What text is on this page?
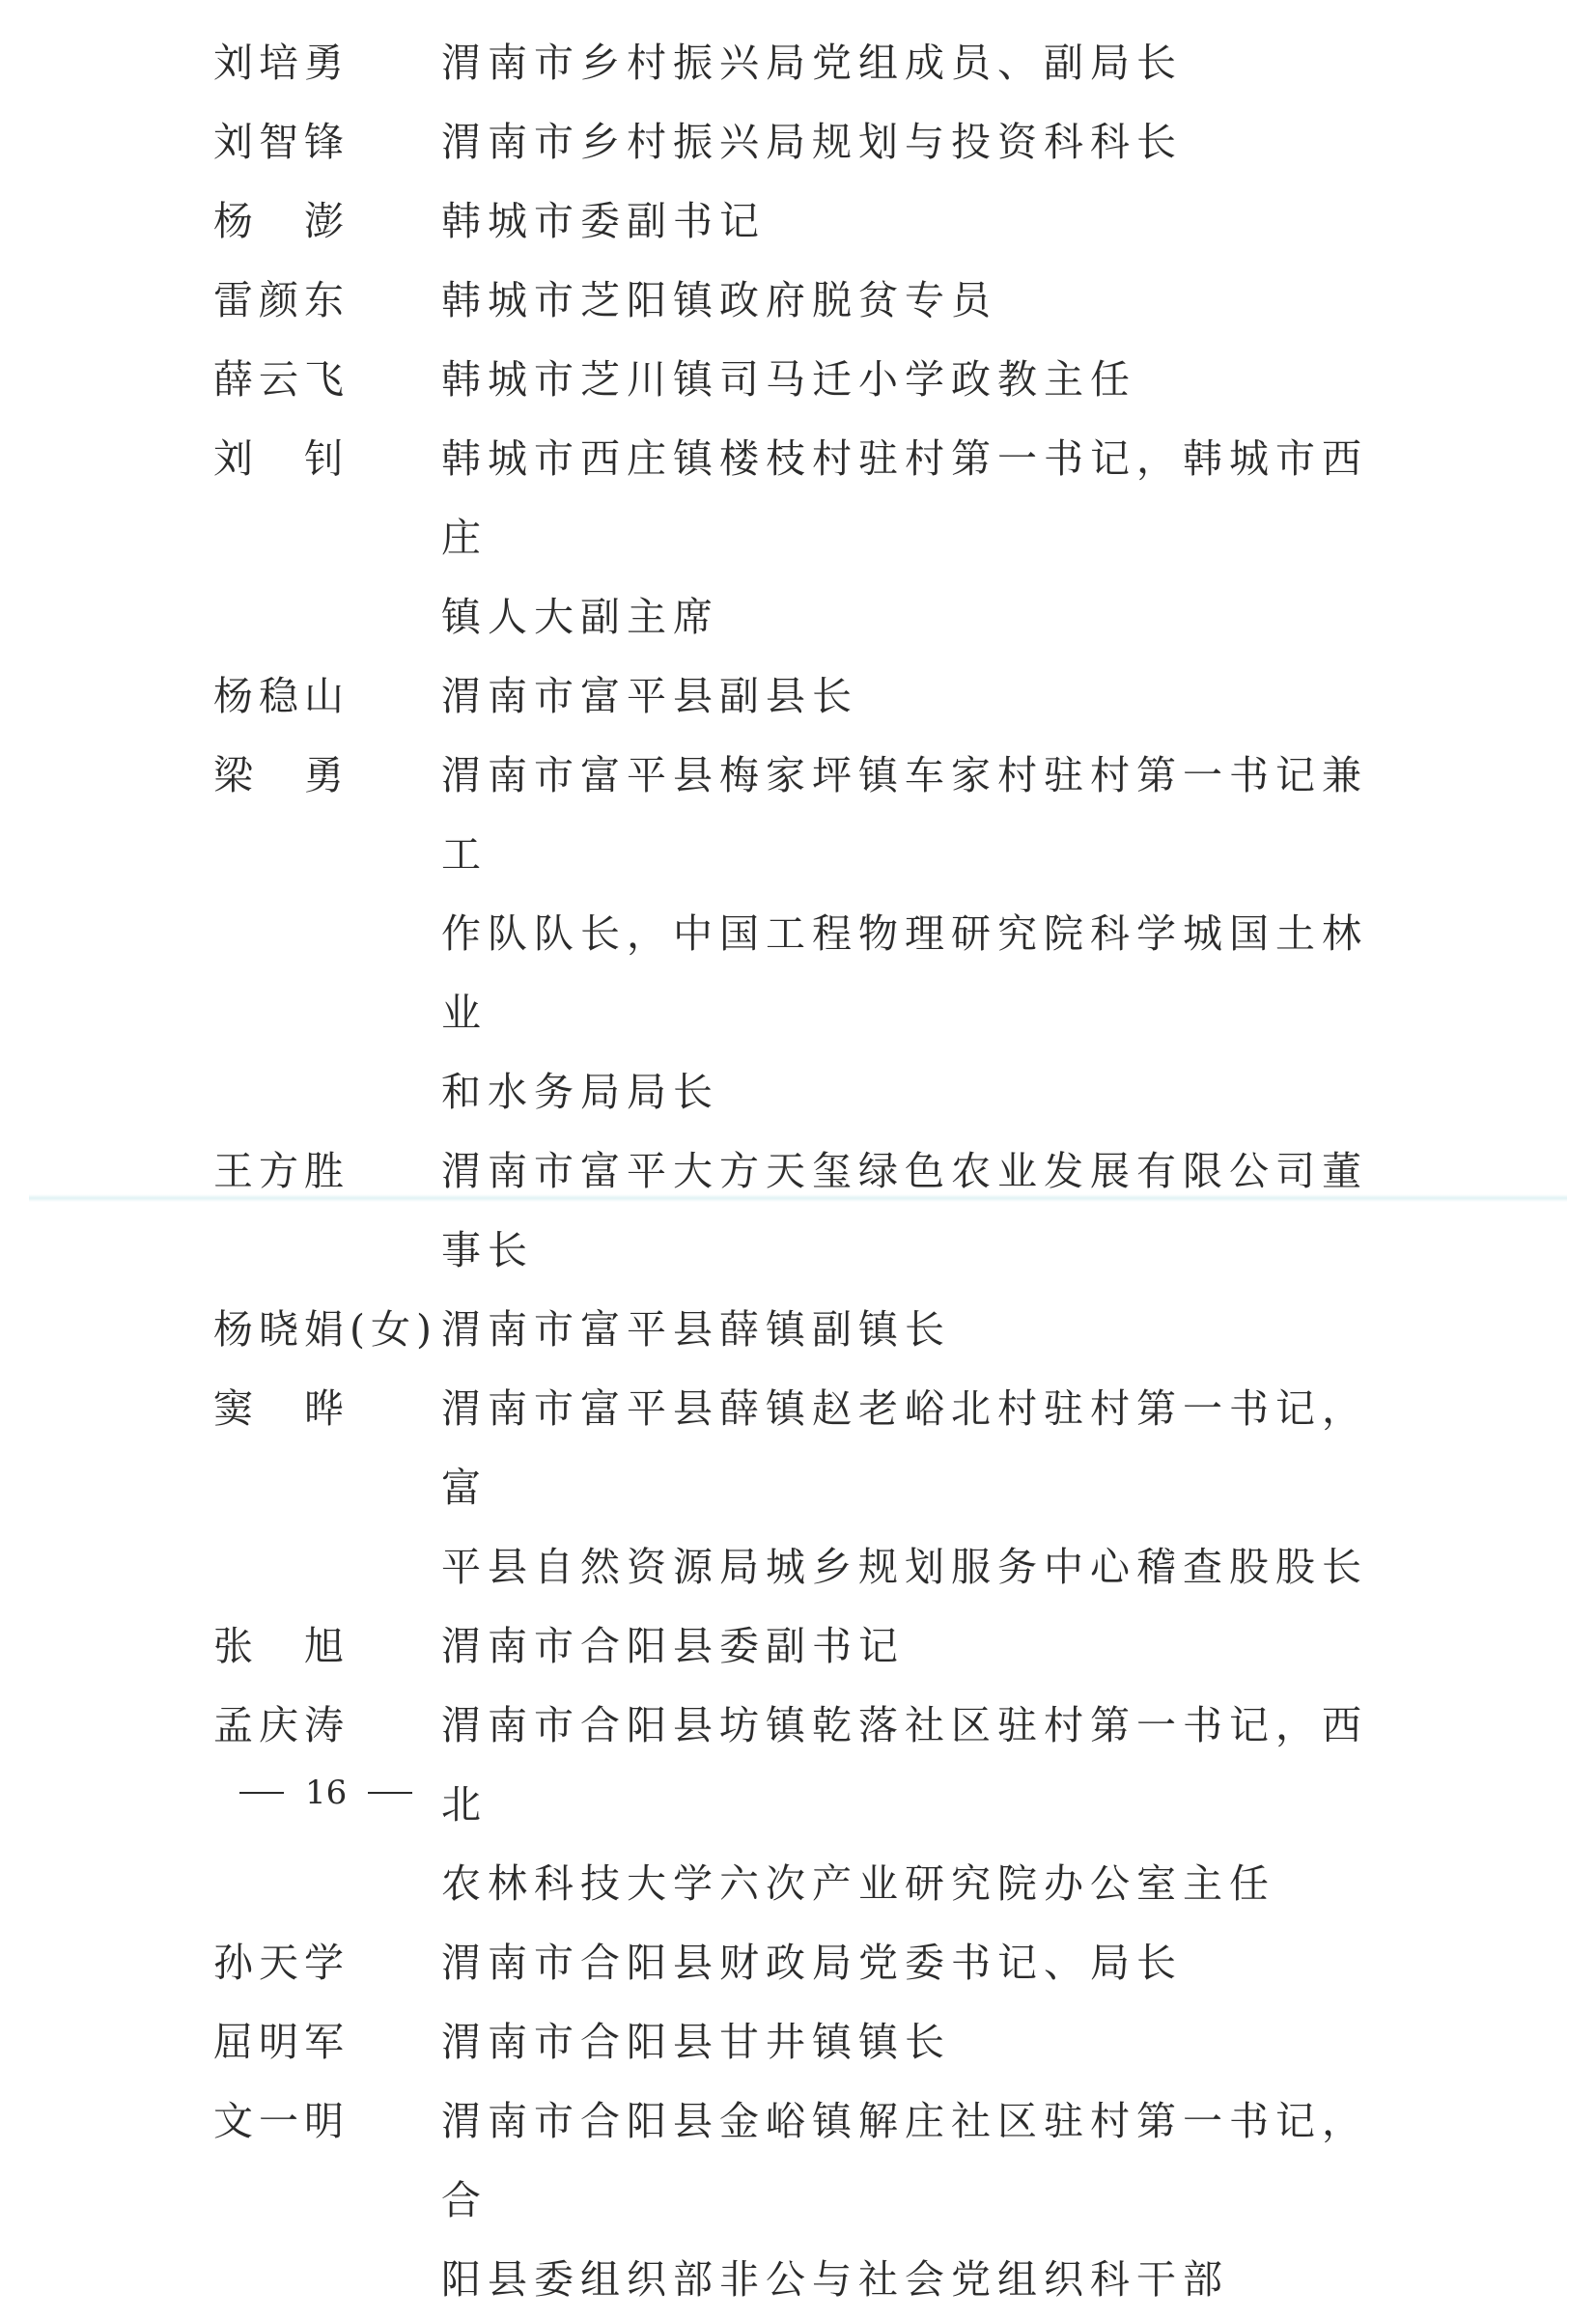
刘培勇	渭南市乡村振兴局党组成员、副局长
刘智锋	渭南市乡村振兴局规划与投资科科长
杨　澎	韩城市委副书记
雷颜东	韩城市芝阳镇政府脱贫专员
薛云飞	韩城市芝川镇司马迁小学政教主任
刘　钊	韩城市西庄镇楼枝村驻村第一书记，韩城市西庄
镇人大副主席
杨稳山	渭南市富平县副县长
梁　勇	渭南市富平县梅家坪镇车家村驻村第一书记兼工
作队队长，中国工程物理研究院科学城国土林业
和水务局局长
王方胜	渭南市富平大方天玺绿色农业发展有限公司董事长
杨晓娟(女) 渭南市富平县薛镇副镇长
窦　晔	渭南市富平县薛镇赵老峪北村驻村第一书记，富
平县自然资源局城乡规划服务中心稽查股股长
张　旭	渭南市合阳县委副书记
孟庆涛	渭南市合阳县坊镇乾落社区驻村第一书记，西北
农林科技大学六次产业研究院办公室主任
孙天学	渭南市合阳县财政局党委书记、局长
屈明军	渭南市合阳县甘井镇镇长
文一明	渭南市合阳县金峪镇解庄社区驻村第一书记，合
阳县委组织部非公与社会党组织科干部
16
